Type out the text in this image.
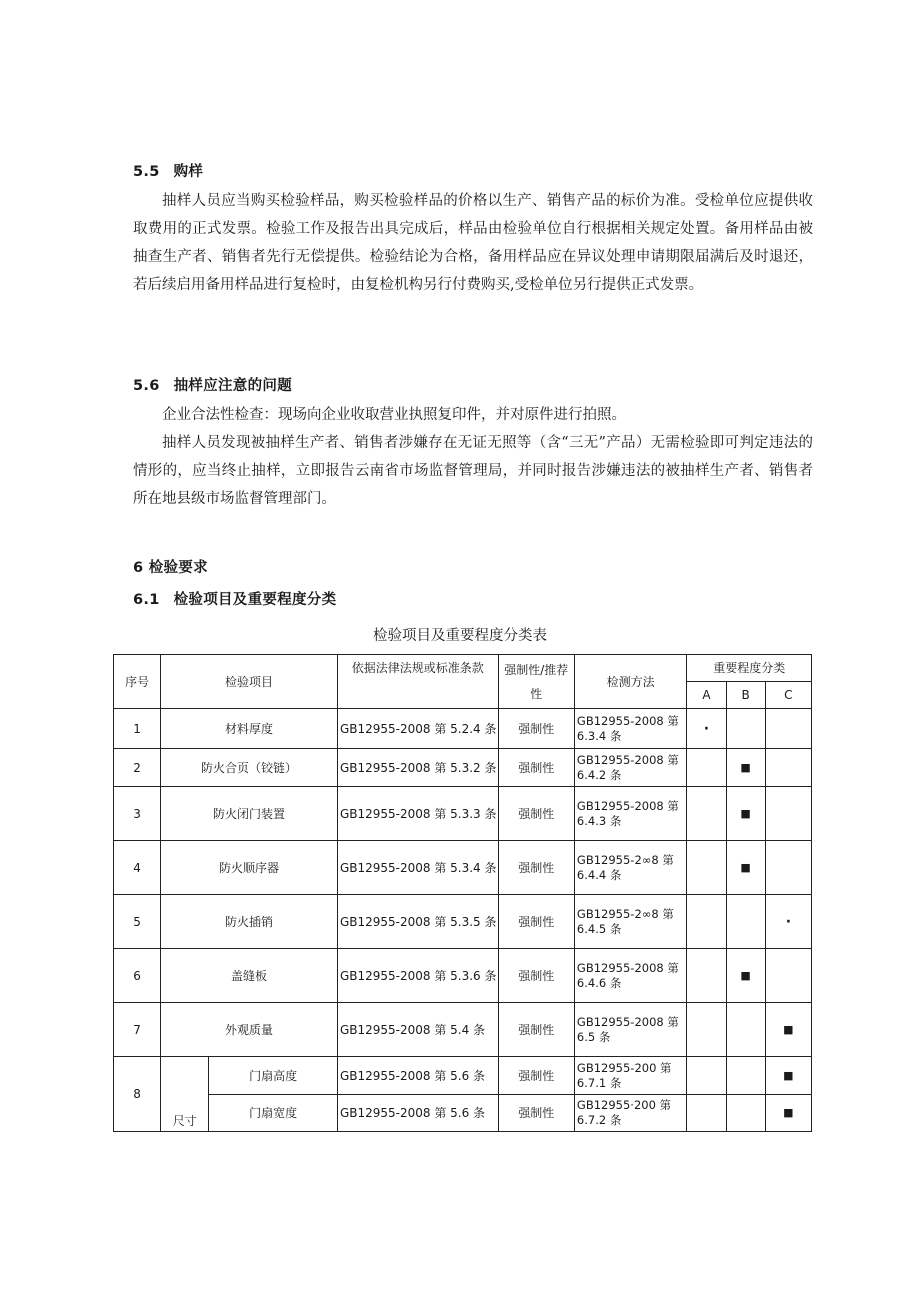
5.5 购样
抽样人员应当购买检验样品，购买检验样品的价格以生产、销售产品的标价为准。受检单位应提供收取费用的正式发票。检验工作及报告出具完成后，样品由检验单位自行根据相关规定处置。备用样品由被抽查生产者、销售者先行无偿提供。检验结论为合格，备用样品应在异议处理申请期限届满后及时退还，若后续启用备用样品进行复检时，由复检机构另行付费购买,受检单位另行提供正式发票。
5.6 抽样应注意的问题
企业合法性检查：现场向企业收取营业执照复印件，并对原件进行拍照。
抽样人员发现被抽样生产者、销售者涉嫌存在无证无照等（含“三无”产品）无需检验即可判定违法的情形的，应当终止抽样，立即报告云南省市场监督管理局，并同时报告涉嫌违法的被抽样生产者、销售者所在地县级市场监督管理部门。
6 检验要求
6.1 检验项目及重要程度分类
检验项目及重要程度分类表
序号	检验项目		依据法律法规或标准条款	强制性/推荐性	检测方法	重要程度分类		
						A	B	C
1	材料厚度		GB12955-2008 第 5.2.4 条	强制性	GB12955-2008 第 6.3.4 条	·		
2	防火合页（铰链）		GB12955-2008 第 5.3.2 条	强制性	GB12955-2008 第 6.4.2 条		■	
3	防火闭门装置		GB12955-2008 第 5.3.3 条	强制性	GB12955-2008 第 6.4.3 条		■	
4	防火顺序器		GB12955-2008 第 5.3.4 条	强制性	GB12955-2∞8 第 6.4.4 条		■	
5	防火插销		GB12955-2008 第 5.3.5 条	强制性	GB12955-2∞8 第 6.4.5 条			·
6	盖缝板		GB12955-2008 第 5.3.6 条	强制性	GB12955-2008 第 6.4.6 条		■	
7	外观质量		GB12955-2008 第 5.4 条	强制性	GB12955-2008 第 6.5 条			■
8	尺寸	门扇高度	GB12955-2008 第 5.6 条	强制性	GB12955-200 第 6.7.1 条			■
		门扇宽度	GB12955-2008 第 5.6 条	强制性	GB12955·200 第 6.7.2 条			■
